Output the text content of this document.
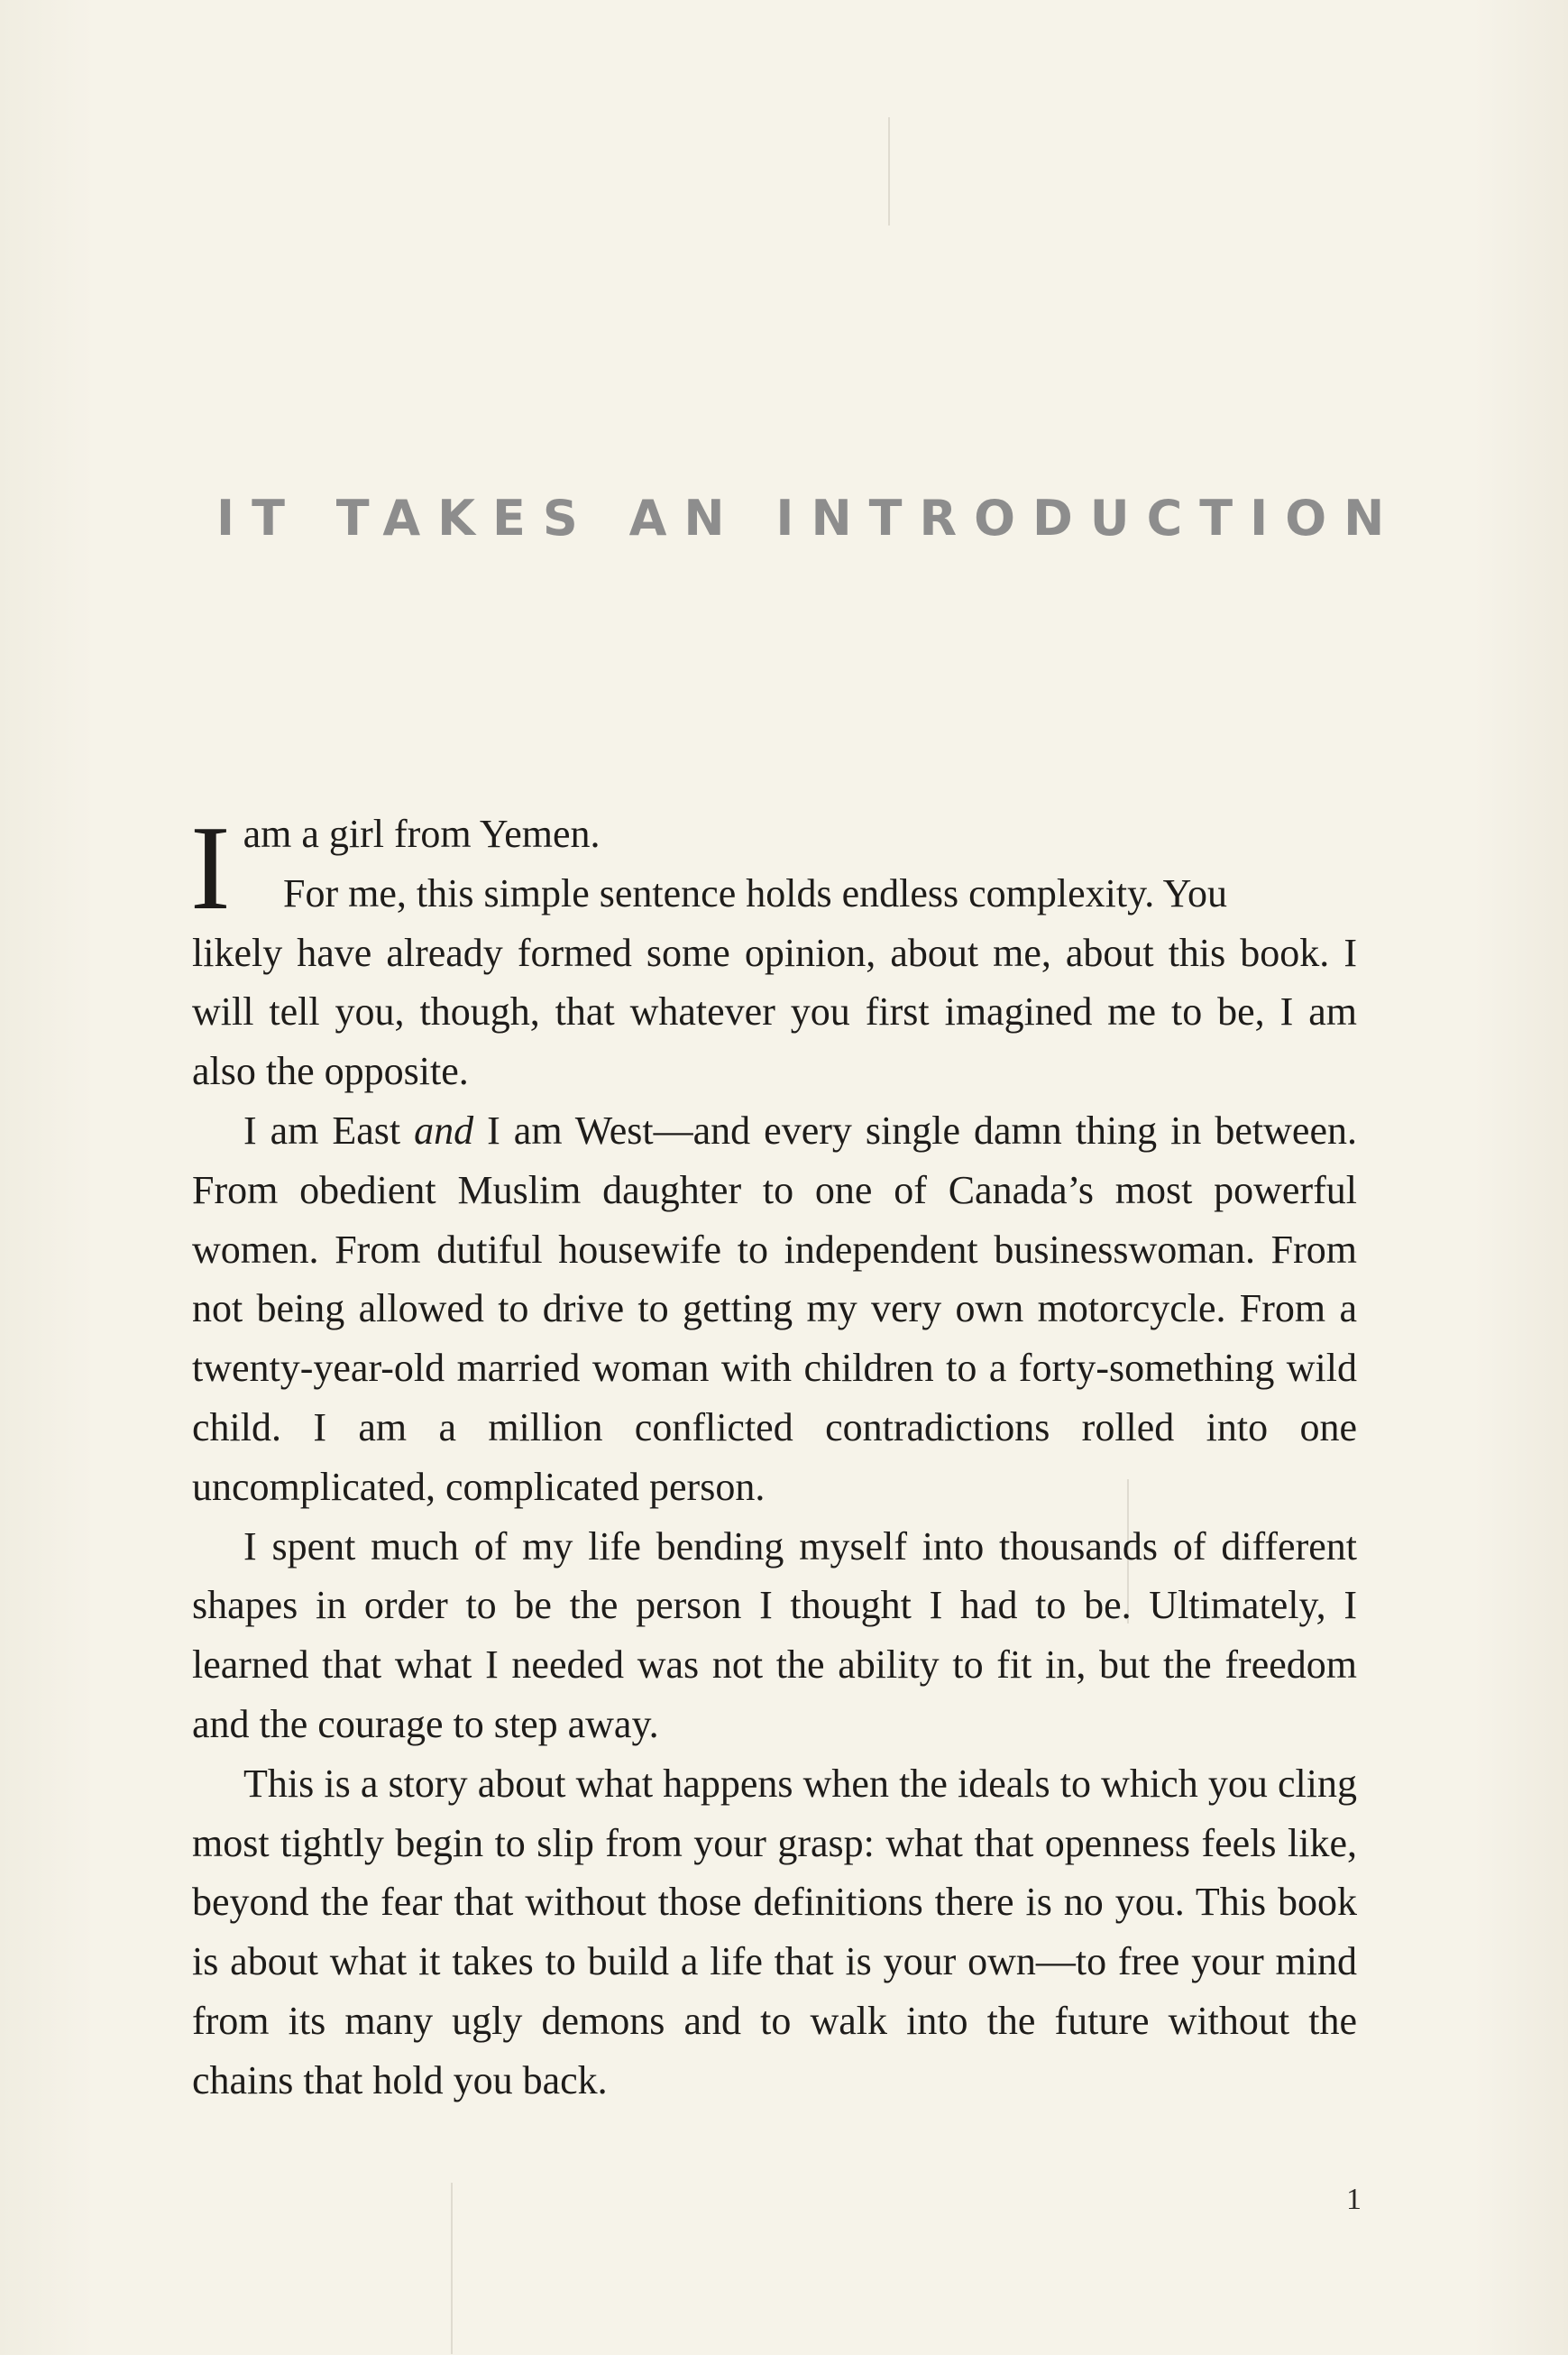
IT TAKES AN INTRODUCTION

I am a girl from Yemen.
For me, this simple sentence holds endless complexity. You
likely have already formed some opinion, about me, about this book. I will tell you, though, that whatever you first imagined me to be, I am also the opposite.

I am East and I am West—and every single damn thing in between. From obedient Muslim daughter to one of Canada’s most powerful women. From dutiful housewife to independent businesswoman. From not being allowed to drive to getting my very own motorcycle. From a twenty-year-old married woman with children to a forty-something wild child. I am a million conflicted contradictions rolled into one uncomplicated, complicated person.

I spent much of my life bending myself into thousands of different shapes in order to be the person I thought I had to be. Ultimately, I learned that what I needed was not the ability to fit in, but the freedom and the courage to step away.

This is a story about what happens when the ideals to which you cling most tightly begin to slip from your grasp: what that openness feels like, beyond the fear that without those definitions there is no you. This book is about what it takes to build a life that is your own—to free your mind from its many ugly demons and to walk into the future without the chains that hold you back.

1
